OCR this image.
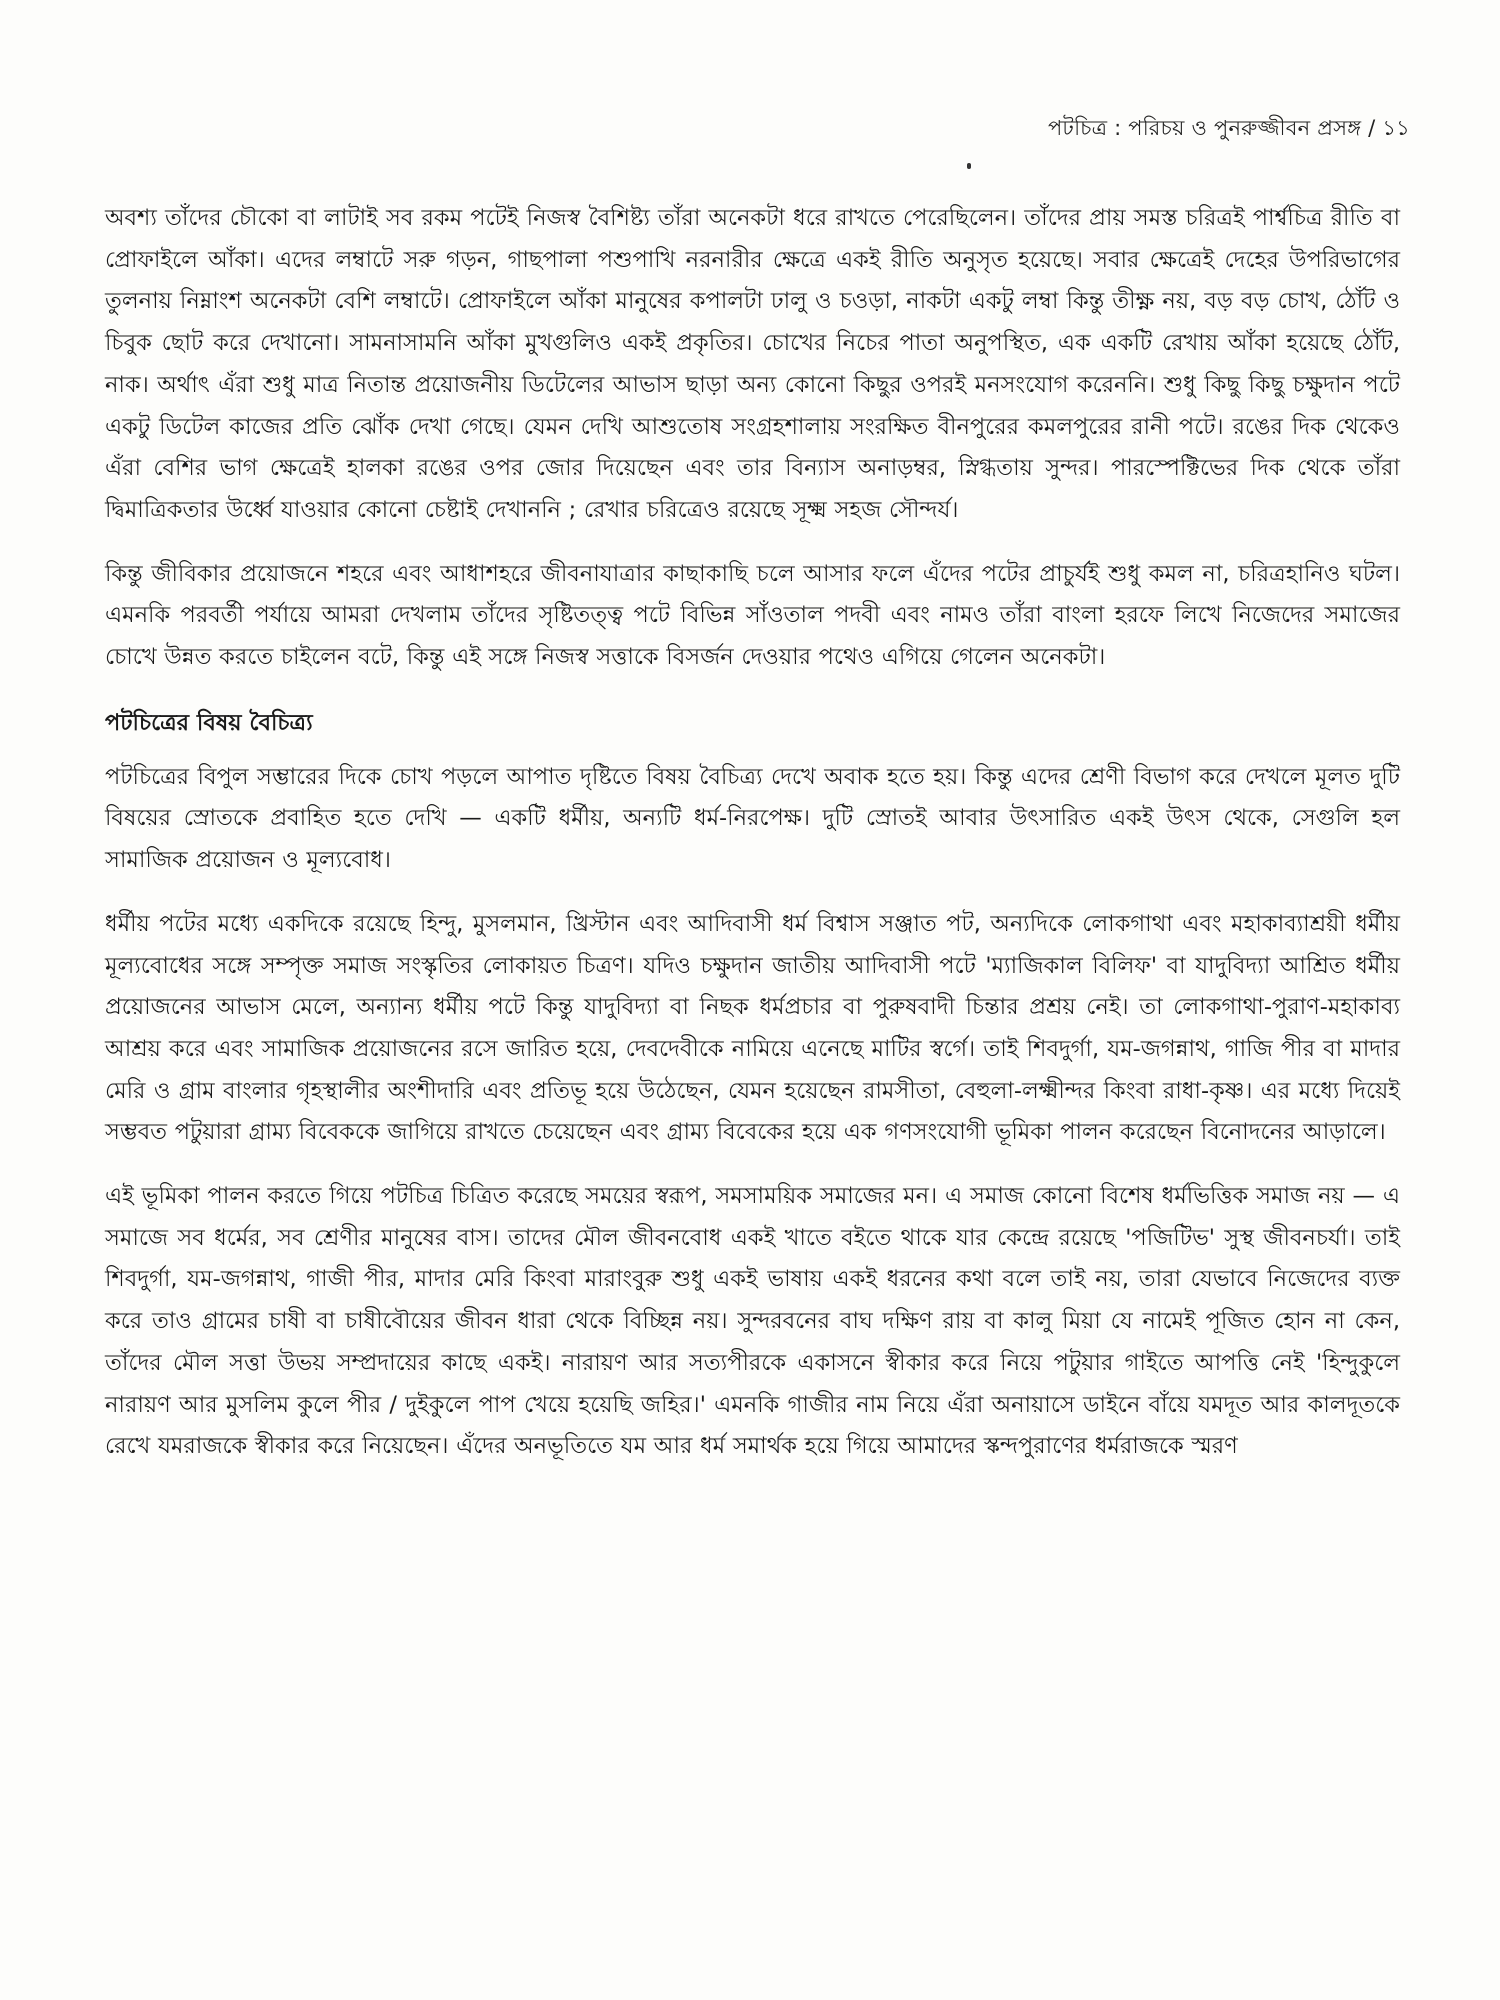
পটচিত্র : পরিচয় ও পুনরুজ্জীবন প্রসঙ্গ / ১১

অবশ্য তাঁদের চৌকো বা লাটাই সব রকম পটেই নিজস্ব বৈশিষ্ট্য তাঁরা অনেকটা ধরে রাখতে পেরেছিলেন। তাঁদের প্রায় সমস্ত চরিত্রই পার্শ্বচিত্র রীতি বা প্রোফাইলে আঁকা। এদের লম্বাটে সরু গড়ন, গাছপালা পশুপাখি নরনারীর ক্ষেত্রে একই রীতি অনুসৃত হয়েছে। সবার ক্ষেত্রেই দেহের উপরিভাগের তুলনায় নিম্নাংশ অনেকটা বেশি লম্বাটে। প্রোফাইলে আঁকা মানুষের কপালটা ঢালু ও চওড়া, নাকটা একটু লম্বা কিন্তু তীক্ষ্ণ নয়, বড় বড় চোখ, ঠোঁট ও চিবুক ছোট করে দেখানো। সামনাসামনি আঁকা মুখগুলিও একই প্রকৃতির। চোখের নিচের পাতা অনুপস্থিত, এক একটি রেখায় আঁকা হয়েছে ঠোঁট, নাক। অর্থাৎ এঁরা শুধু মাত্র নিতান্ত প্রয়োজনীয় ডিটেলের আভাস ছাড়া অন্য কোনো কিছুর ওপরই মনসংযোগ করেননি। শুধু কিছু কিছু চক্ষুদান পটে একটু ডিটেল কাজের প্রতি ঝোঁক দেখা গেছে। যেমন দেখি আশুতোষ সংগ্রহশালায় সংরক্ষিত বীনপুরের কমলপুরের রানী পটে। রঙের দিক থেকেও এঁরা বেশির ভাগ ক্ষেত্রেই হালকা রঙের ওপর জোর দিয়েছেন এবং তার বিন্যাস অনাড়ম্বর, স্নিগ্ধতায় সুন্দর। পারস্পেক্টিভের দিক থেকে তাঁরা দ্বিমাত্রিকতার উর্ধ্বে যাওয়ার কোনো চেষ্টাই দেখাননি ; রেখার চরিত্রেও রয়েছে সূক্ষ্ম সহজ সৌন্দর্য।

কিন্তু জীবিকার প্রয়োজনে শহরে এবং আধাশহরে জীবনাযাত্রার কাছাকাছি চলে আসার ফলে এঁদের পটের প্রাচুর্যই শুধু কমল না, চরিত্রহানিও ঘটল। এমনকি পরবর্তী পর্যায়ে আমরা দেখলাম তাঁদের সৃষ্টিতত্ত্ব পটে বিভিন্ন সাঁওতাল পদবী এবং নামও তাঁরা বাংলা হরফে লিখে নিজেদের সমাজের চোখে উন্নত করতে চাইলেন বটে, কিন্তু এই সঙ্গে নিজস্ব সত্তাকে বিসর্জন দেওয়ার পথেও এগিয়ে গেলেন অনেকটা।

পটচিত্রের বিষয় বৈচিত্র্য

পটচিত্রের বিপুল সম্ভারের দিকে চোখ পড়লে আপাত দৃষ্টিতে বিষয় বৈচিত্র্য দেখে অবাক হতে হয়। কিন্তু এদের শ্রেণী বিভাগ করে দেখলে মূলত দুটি বিষয়ের স্রোতকে প্রবাহিত হতে দেখি — একটি ধর্মীয়, অন্যটি ধর্ম-নিরপেক্ষ। দুটি স্রোতই আবার উৎসারিত একই উৎস থেকে, সেগুলি হল সামাজিক প্রয়োজন ও মূল্যবোধ।

ধর্মীয় পটের মধ্যে একদিকে রয়েছে হিন্দু, মুসলমান, খ্রিস্টান এবং আদিবাসী ধর্ম বিশ্বাস সঞ্জাত পট, অন্যদিকে লোকগাথা এবং মহাকাব্যাশ্রয়ী ধর্মীয় মূল্যবোধের সঙ্গে সম্পৃক্ত সমাজ সংস্কৃতির লোকায়ত চিত্রণ। যদিও চক্ষুদান জাতীয় আদিবাসী পটে 'ম্যাজিকাল বিলিফ' বা যাদুবিদ্যা আশ্রিত ধর্মীয় প্রয়োজনের আভাস মেলে, অন্যান্য ধর্মীয় পটে কিন্তু যাদুবিদ্যা বা নিছক ধর্মপ্রচার বা পুরুষবাদী চিন্তার প্রশ্রয় নেই। তা লোকগাথা-পুরাণ-মহাকাব্য আশ্রয় করে এবং সামাজিক প্রয়োজনের রসে জারিত হয়ে, দেবদেবীকে নামিয়ে এনেছে মাটির স্বর্গে। তাই শিবদুর্গা, যম-জগন্নাথ, গাজি পীর বা মাদার মেরি ও গ্রাম বাংলার গৃহস্থালীর অংশীদারি এবং প্রতিভূ হয়ে উঠেছেন, যেমন হয়েছেন রামসীতা, বেহুলা-লক্ষ্মীন্দর কিংবা রাধা-কৃষ্ণ। এর মধ্যে দিয়েই সম্ভবত পটুয়ারা গ্রাম্য বিবেককে জাগিয়ে রাখতে চেয়েছেন এবং গ্রাম্য বিবেকের হয়ে এক গণসংযোগী ভূমিকা পালন করেছেন বিনোদনের আড়ালে।

এই ভূমিকা পালন করতে গিয়ে পটচিত্র চিত্রিত করেছে সময়ের স্বরূপ, সমসাময়িক সমাজের মন। এ সমাজ কোনো বিশেষ ধর্মভিত্তিক সমাজ নয় — এ সমাজে সব ধর্মের, সব শ্রেণীর মানুষের বাস। তাদের মৌল জীবনবোধ একই খাতে বইতে থাকে যার কেন্দ্রে রয়েছে 'পজিটিভ' সুস্থ জীবনচর্যা। তাই শিবদুর্গা, যম-জগন্নাথ, গাজী পীর, মাদার মেরি কিংবা মারাংবুরু শুধু একই ভাষায় একই ধরনের কথা বলে তাই নয়, তারা যেভাবে নিজেদের ব্যক্ত করে তাও গ্রামের চাষী বা চাষীবৌয়ের জীবন ধারা থেকে বিচ্ছিন্ন নয়। সুন্দরবনের বাঘ দক্ষিণ রায় বা কালু মিয়া যে নামেই পূজিত হোন না কেন, তাঁদের মৌল সত্তা উভয় সম্প্রদায়ের কাছে একই। নারায়ণ আর সত্যপীরকে একাসনে স্বীকার করে নিয়ে পটুয়ার গাইতে আপত্তি নেই 'হিন্দুকুলে নারায়ণ আর মুসলিম কুলে পীর / দুইকুলে পাপ খেয়ে হয়েছি জহির।' এমনকি গাজীর নাম নিয়ে এঁরা অনায়াসে ডাইনে বাঁয়ে যমদূত আর কালদূতকে রেখে যমরাজকে স্বীকার করে নিয়েছেন। এঁদের অনভূতিতে যম আর ধর্ম সমার্থক হয়ে গিয়ে আমাদের স্কন্দপুরাণের ধর্মরাজকে স্মরণ
